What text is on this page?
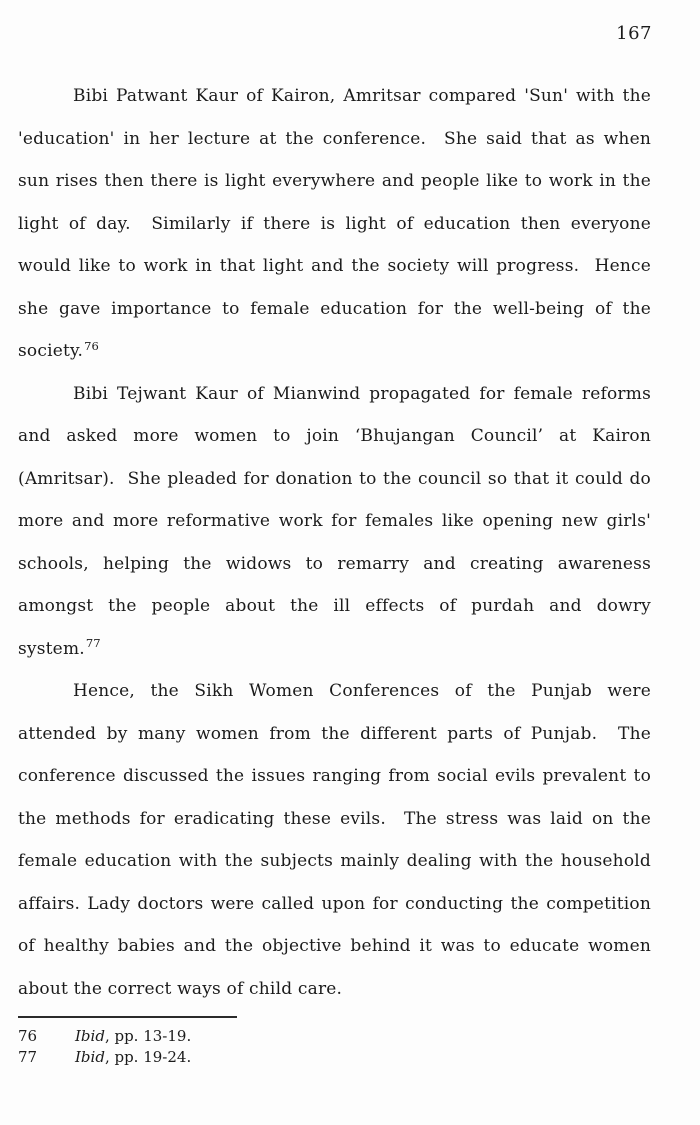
167
Bibi Patwant Kaur of Kairon, Amritsar compared 'Sun' with the
'education' in her lecture at the conference.  She said that as when
sun rises then there is light everywhere and people like to work in the
light of day.  Similarly if there is light of education then everyone
would like to work in that light and the society will progress.  Hence
she gave importance to female education for the well-being of the
society.$^{76}$
Bibi Tejwant Kaur of Mianwind propagated for female reforms
and asked more women to join ‘Bhujangan Council’ at Kairon
(Amritsar).  She pleaded for donation to the council so that it could do
more and more reformative work for females like opening new girls'
schools, helping the widows to remarry and creating awareness
amongst the people about the ill effects of purdah and dowry
system.$^{77}$
Hence, the Sikh Women Conferences of the Punjab were
attended by many women from the different parts of Punjab.  The
conference discussed the issues ranging from social evils prevalent to
the methods for eradicating these evils.  The stress was laid on the
female education with the subjects mainly dealing with the household
affairs. Lady doctors were called upon for conducting the competition
of healthy babies and the objective behind it was to educate women
about the correct ways of child care.
76	Ibid, pp. 13-19.
77	Ibid, pp. 19-24.
